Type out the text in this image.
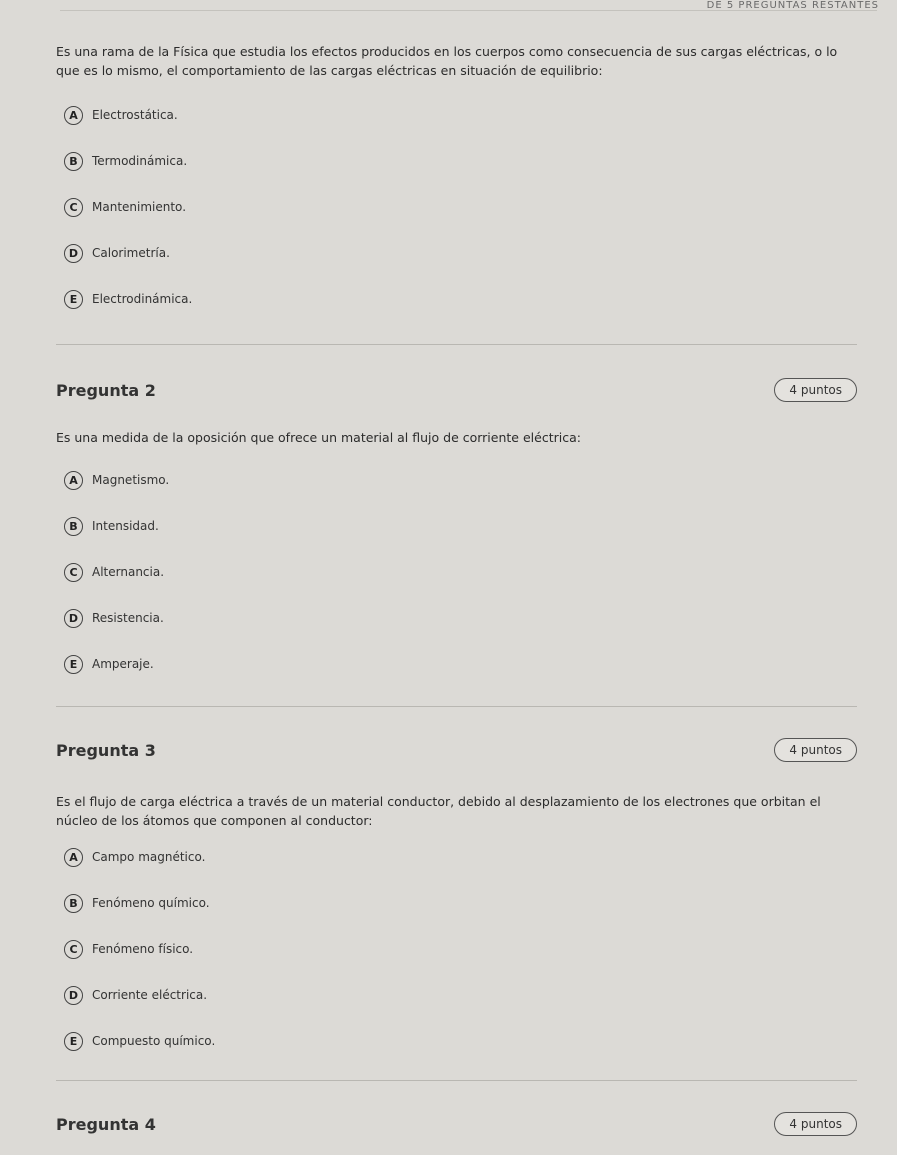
DE 5 PREGUNTAS RESTANTES
Es una rama de la Física que estudia los efectos producidos en los cuerpos como consecuencia de sus cargas eléctricas, o lo que es lo mismo, el comportamiento de las cargas eléctricas en situación de equilibrio:
A	Electrostática.
B	Termodinámica.
C	Mantenimiento.
D	Calorimetría.
E	Electrodinámica.
Pregunta 2	4 puntos
Es una medida de la oposición que ofrece un material al flujo de corriente eléctrica:
A	Magnetismo.
B	Intensidad.
C	Alternancia.
D	Resistencia.
E	Amperaje.
Pregunta 3	4 puntos
Es el flujo de carga eléctrica a través de un material conductor, debido al desplazamiento de los electrones que orbitan el núcleo de los átomos que componen al conductor:
A	Campo magnético.
B	Fenómeno químico.
C	Fenómeno físico.
D	Corriente eléctrica.
E	Compuesto químico.
Pregunta 4	4 puntos
